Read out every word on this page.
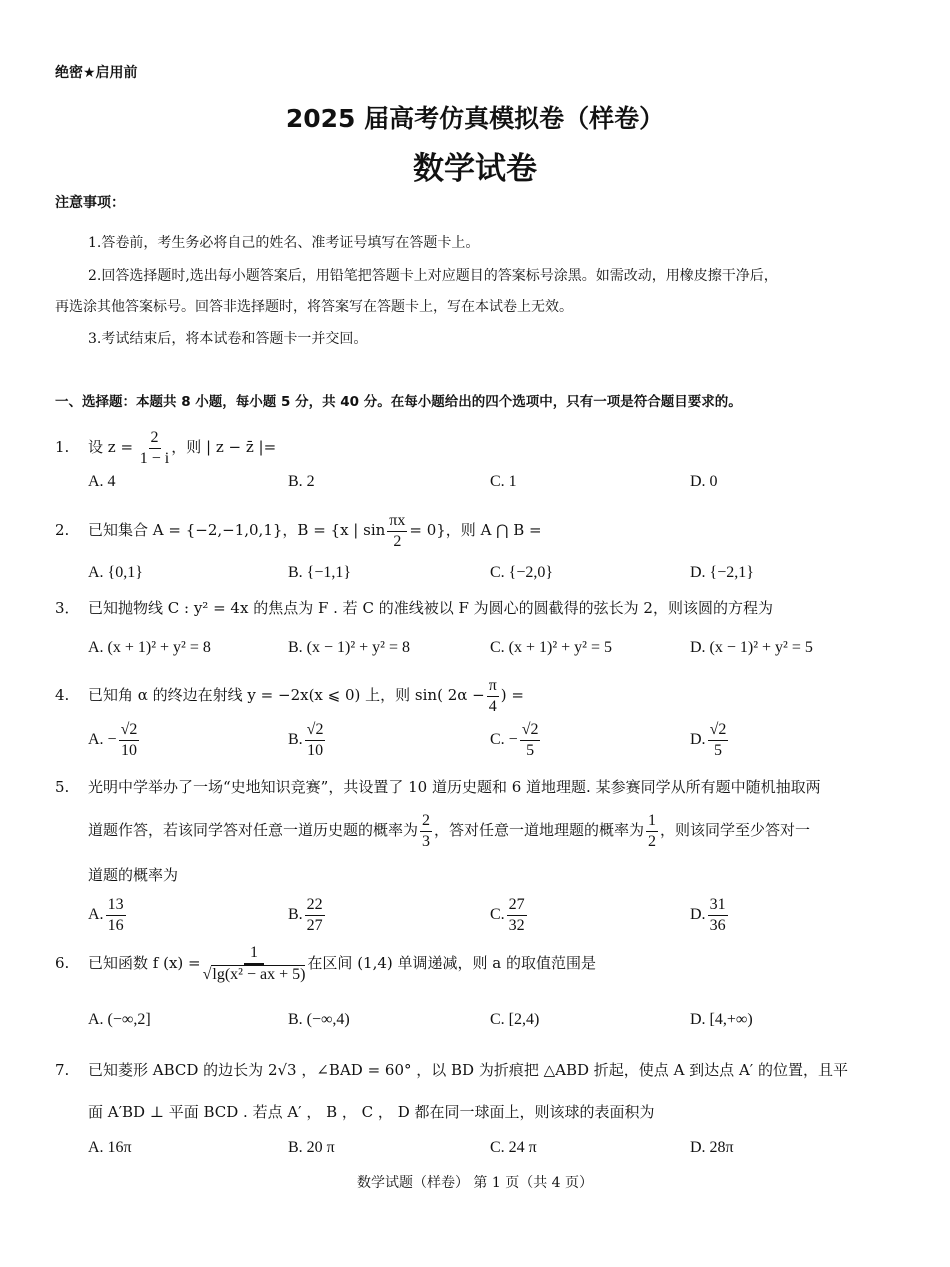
绝密★启用前
2025 届高考仿真模拟卷（样卷）
数学试卷
注意事项：
1.答卷前，考生务必将自己的姓名、准考证号填写在答题卡上。
2.回答选择题时,选出每小题答案后，用铅笔把答题卡上对应题目的答案标号涂黑。如需改动，用橡皮擦干净后，
再选涂其他答案标号。回答非选择题时，将答案写在答题卡上，写在本试卷上无效。
3.考试结束后，将本试卷和答题卡一并交回。
一、选择题：本题共 8 小题，每小题 5 分，共 40 分。在每小题给出的四个选项中，只有一项是符合题目要求的。
1. 设 $z = \frac{2}{1 - i}$ ，则 | z − z̄ |=
A. 4	B. 2	C. 1	D. 0
2. 已知集合 A = {−2,−1,0,1}，B = {x | $\sin \frac{\pi x}{2} = 0$}，则 A ⋂ B =
A. {0,1}	B. {−1,1}	C. {−2,0}	D. {−2,1}
3． 已知抛物线 C : y² = 4x 的焦点为 F . 若 C 的准线被以 F 为圆心的圆截得的弦长为 2，则该圆的方程为
A. (x + 1)² + y² = 8	B. (x − 1)² + y² = 8	C. (x + 1)² + y² = 5	D. (x − 1)² + y² = 5
4. 已知角 α 的终边在射线 y = −2x(x ⩽ 0) 上，则 sin( $2\alpha - \frac{\pi}{4}$ ) =
A. − $\frac{√2}{10}$	B. $\frac{√2}{10}$	C. − $\frac{√2}{5}$	D. $\frac{√2}{5}$
5. 光明中学举办了一场“史地知识竞赛”，共设置了 10 道历史题和 6 道地理题. 某参赛同学从所有题中随机抽取两
道题作答，若该同学答对任意一道历史题的概率为 $\frac{2}{3}$ ，答对任意一道地理题的概率为 $\frac{1}{2}$ ，则该同学至少答对一
道题的概率为
A. $\frac{13}{16}$	B. $\frac{22}{27}$	C. $\frac{27}{32}$	D. $\frac{31}{36}$
6. 已知函数 f $(x) = \frac{1}{\text{√lg(x² − ax + 5)}}$ 在区间 (1,4) 单调递减，则 a 的取值范围是
A. (−∞,2]	B. (−∞,4)	C. [2,4)	D. [4,+∞)
7. 已知菱形 ABCD 的边长为 2√3 ，∠BAD = 60° ，以 BD 为折痕把 △ABD 折起，使点 A 到达点 A′ 的位置，且平
面 A′BD ⊥ 平面 BCD . 若点 A′ ， B ， C ， D 都在同一球面上，则该球的表面积为
A. 16π	B. 20 π	C. 24 π	D. 28π
数学试题（样卷） 第 1 页（共 4 页）
